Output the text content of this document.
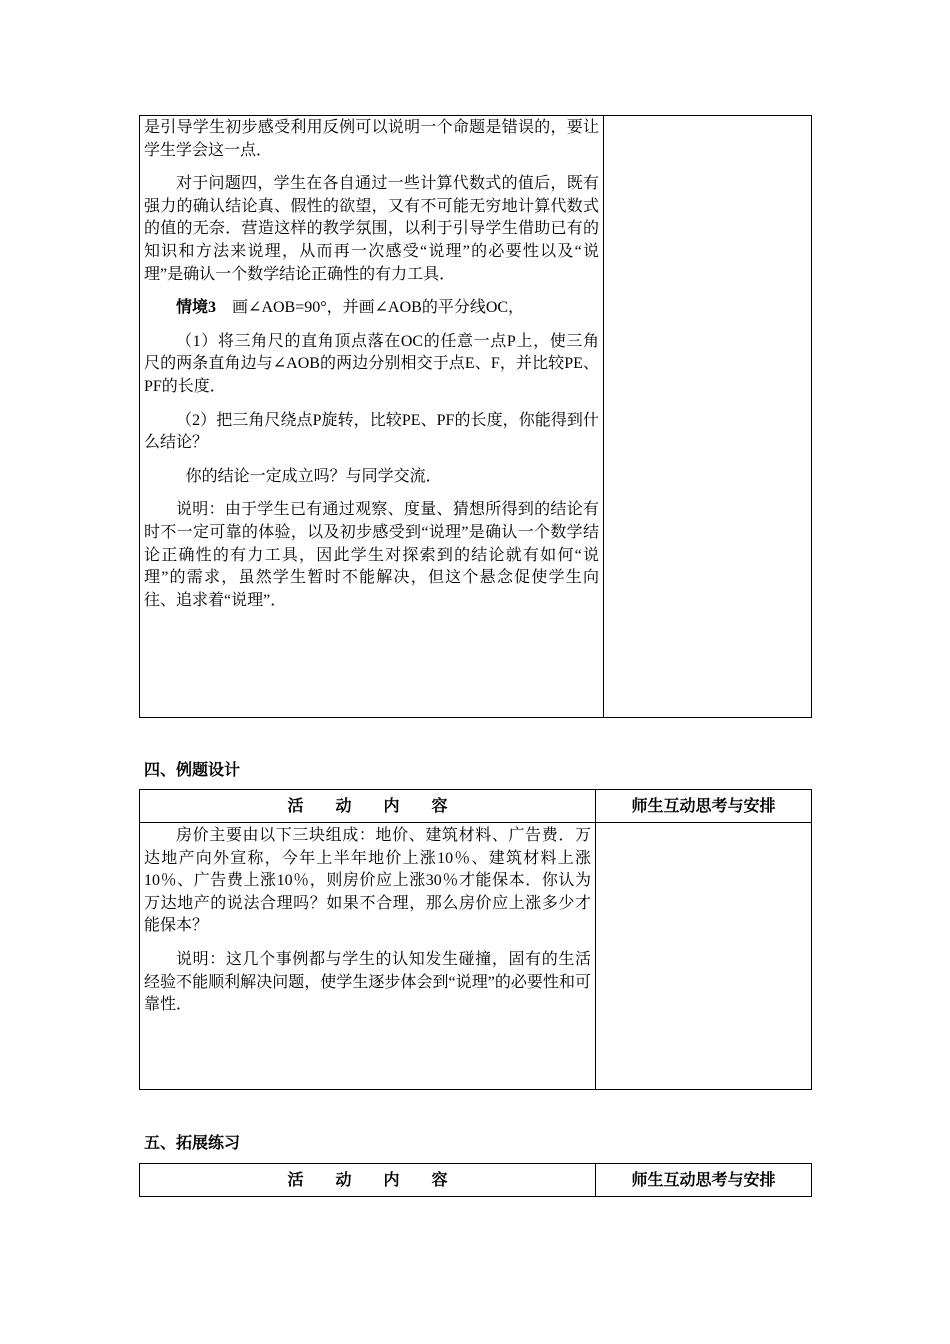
是引导学生初步感受利用反例可以说明一个命题是错误的，要让学生学会这一点．

对于问题四，学生在各自通过一些计算代数式的值后，既有强力的确认结论真、假性的欲望，又有不可能无穷地计算代数式的值的无奈．营造这样的教学氛围，以利于引导学生借助已有的知识和方法来说理，从而再一次感受“说理”的必要性以及“说理”是确认一个数学结论正确性的有力工具．

情境3　 画∠AOB=90°，并画∠AOB的平分线OC，

（1）将三角尺的直角顶点落在OC的任意一点P上，使三角尺的两条直角边与∠AOB的两边分别相交于点E、F，并比较PE、PF的长度．

（2）把三角尺绕点P旋转，比较PE、PF的长度，你能得到什么结论？

你的结论一定成立吗？与同学交流．

说明：由于学生已有通过观察、度量、猜想所得到的结论有时不一定可靠的体验，以及初步感受到“说理”是确认一个数学结论正确性的有力工具，因此学生对探索到的结论就有如何“说理”的需求，虽然学生暂时不能解决，但这个悬念促使学生向往、追求着“说理”．

四、例题设计
活　　动　　内　　容	师生互动思考与安排

房价主要由以下三块组成：地价、建筑材料、广告费．万达地产向外宣称，今年上半年地价上涨10％、建筑材料上涨10％、广告费上涨10％，则房价应上涨30％才能保本．你认为万达地产的说法合理吗？如果不合理，那么房价应上涨多少才能保本？

说明：这几个事例都与学生的认知发生碰撞，固有的生活经验不能顺利解决问题，使学生逐步体会到“说理”的必要性和可靠性．	

五、拓展练习
活　　动　　内　　容	师生互动思考与安排
